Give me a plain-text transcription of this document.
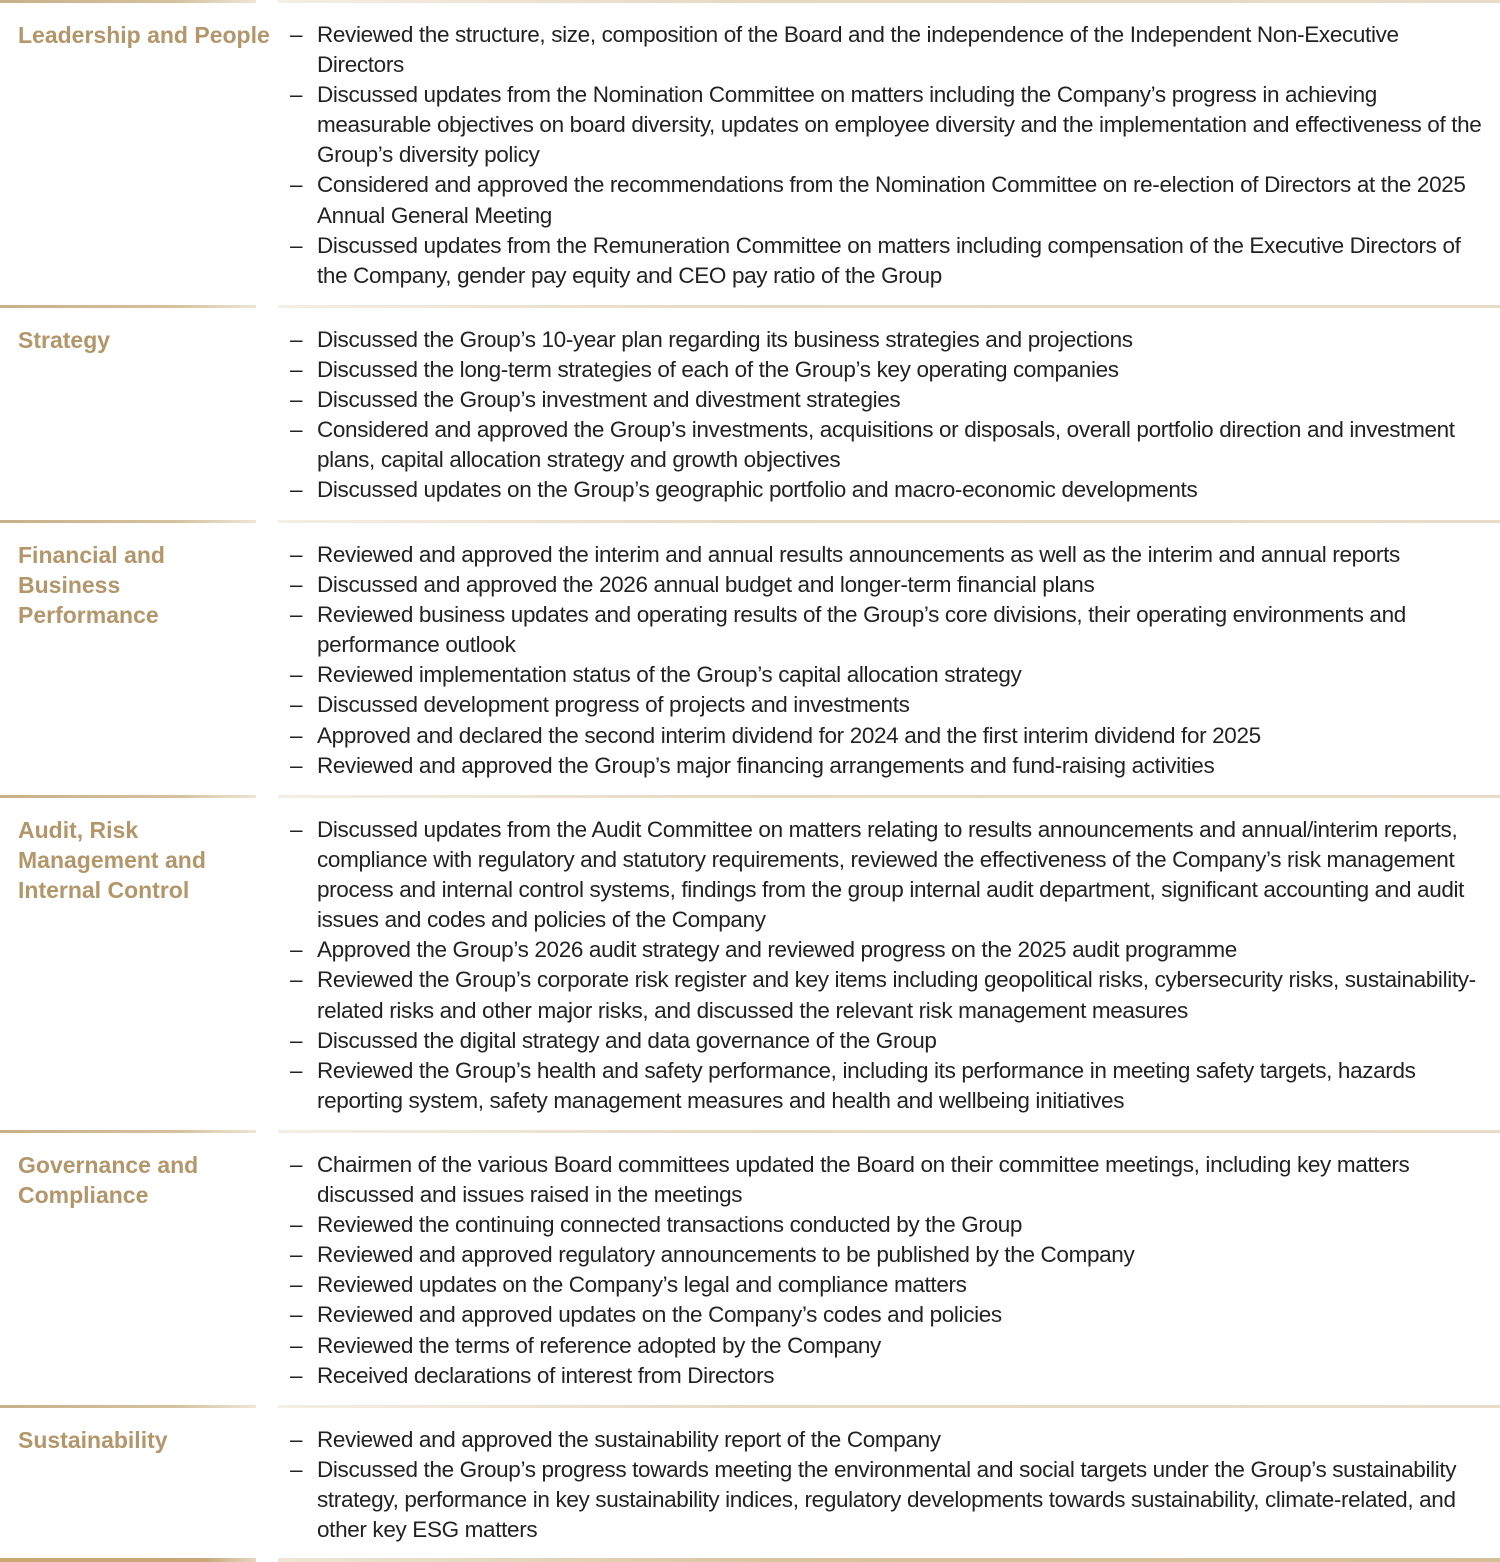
Leadership and People – Reviewed the structure, size, composition of the Board and the independence of the Independent Non-Executive Directors
– Discussed updates from the Nomination Committee on matters including the Company’s progress in achieving measurable objectives on board diversity, updates on employee diversity and the implementation and effectiveness of the Group’s diversity policy
– Considered and approved the recommendations from the Nomination Committee on re-election of Directors at the 2025 Annual General Meeting
– Discussed updates from the Remuneration Committee on matters including compensation of the Executive Directors of the Company, gender pay equity and CEO pay ratio of the Group
Strategy	– Discussed the Group’s 10-year plan regarding its business strategies and projections
– Discussed the long-term strategies of each of the Group’s key operating companies
– Discussed the Group’s investment and divestment strategies
– Considered and approved the Group’s investments, acquisitions or disposals, overall portfolio direction and investment plans, capital allocation strategy and growth objectives
– Discussed updates on the Group’s geographic portfolio and macro-economic developments
Financial and Business Performance
– Reviewed and approved the interim and annual results announcements as well as the interim and annual reports
– Discussed and approved the 2026 annual budget and longer-term financial plans
– Reviewed business updates and operating results of the Group’s core divisions, their operating environments and performance outlook
– Reviewed implementation status of the Group’s capital allocation strategy
– Discussed development progress of projects and investments
– Approved and declared the second interim dividend for 2024 and the first interim dividend for 2025
– Reviewed and approved the Group’s major financing arrangements and fund-raising activities
Audit, Risk Management and Internal Control
– Discussed updates from the Audit Committee on matters relating to results announcements and annual/interim reports, compliance with regulatory and statutory requirements, reviewed the effectiveness of the Company’s risk management process and internal control systems, findings from the group internal audit department, significant accounting and audit issues and codes and policies of the Company
– Approved the Group’s 2026 audit strategy and reviewed progress on the 2025 audit programme
– Reviewed the Group’s corporate risk register and key items including geopolitical risks, cybersecurity risks, sustainability-related risks and other major risks, and discussed the relevant risk management measures
– Discussed the digital strategy and data governance of the Group
– Reviewed the Group’s health and safety performance, including its performance in meeting safety targets, hazards reporting system, safety management measures and health and wellbeing initiatives
Governance and Compliance
– Chairmen of the various Board committees updated the Board on their committee meetings, including key matters discussed and issues raised in the meetings
– Reviewed the continuing connected transactions conducted by the Group
– Reviewed and approved regulatory announcements to be published by the Company
– Reviewed updates on the Company’s legal and compliance matters
– Reviewed and approved updates on the Company’s codes and policies
– Reviewed the terms of reference adopted by the Company
– Received declarations of interest from Directors
Sustainability	– Reviewed and approved the sustainability report of the Company
– Discussed the Group’s progress towards meeting the environmental and social targets under the Group’s sustainability strategy, performance in key sustainability indices, regulatory developments towards sustainability, climate-related, and other key ESG matters
